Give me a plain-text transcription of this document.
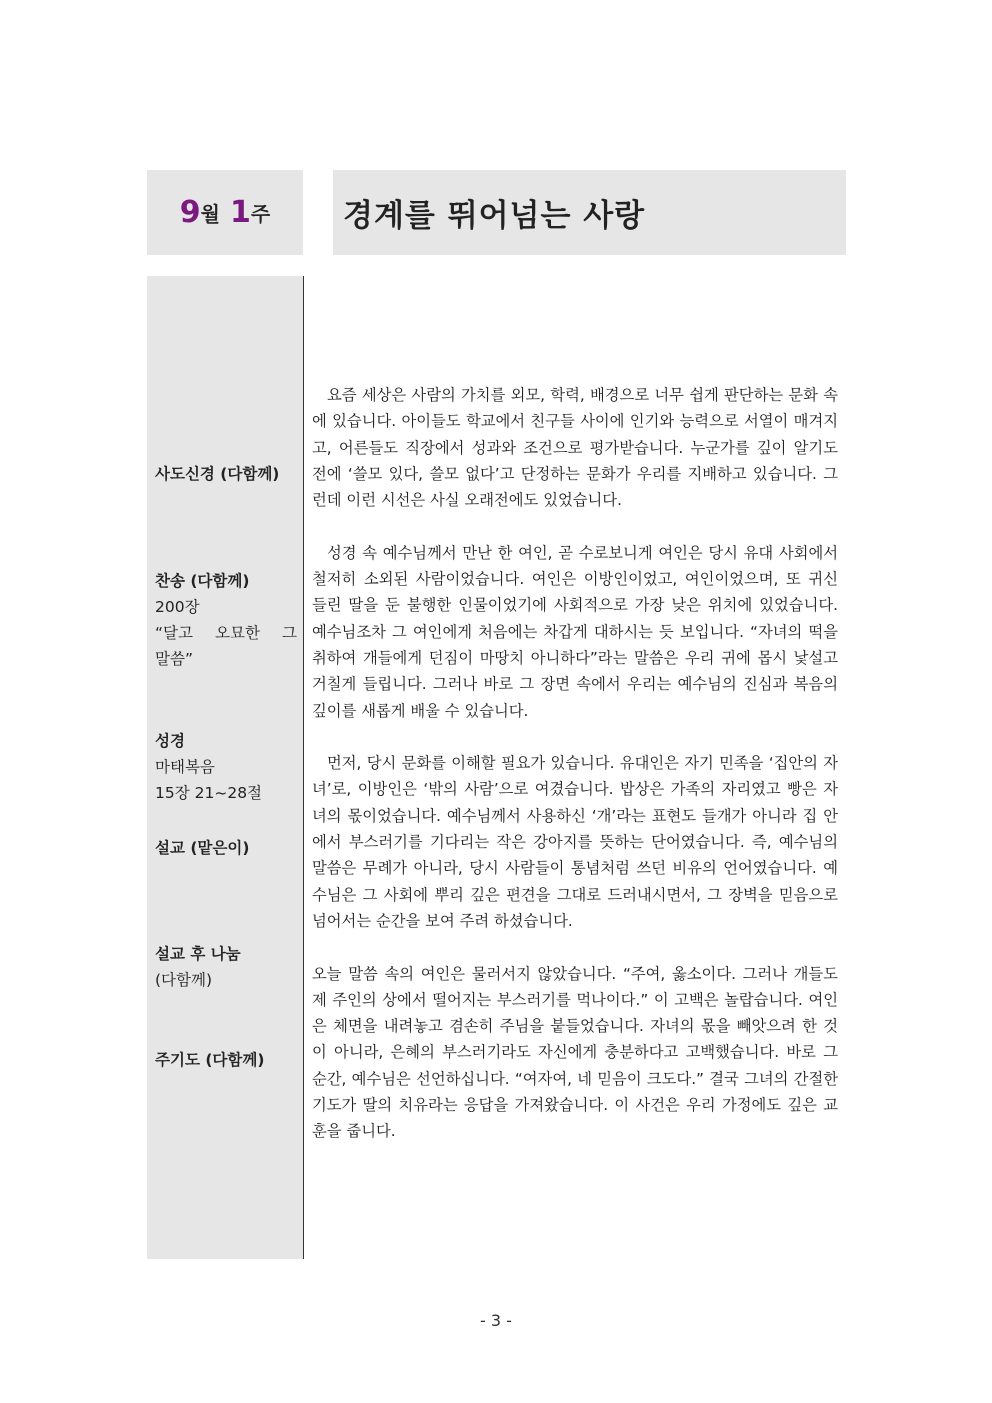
9 월 1 주	경계를 뛰어넘는 사랑
사도신경 (다함께)
찬송 (다함께)
200장
“달고 오묘한 그
말씀”
성경
마태복음
15장 21~28절
설교 (맡은이)
설교 후 나눔
(다함께)
주기도 (다함께)

요즘 세상은 사람의 가치를 외모, 학력, 배경으로 너무 쉽게 판단하는 문화 속에 있습니다. 아이들도 학교에서 친구들 사이에 인기와 능력으로 서열이 매겨지고, 어른들도 직장에서 성과와 조건으로 평가받습니다. 누군가를 깊이 알기도 전에 ‘쓸모 있다, 쓸모 없다’고 단정하는 문화가 우리를 지배하고 있습니다. 그런데 이런 시선은 사실 오래전에도 있었습니다.

성경 속 예수님께서 만난 한 여인, 곧 수로보니게 여인은 당시 유대 사회에서 철저히 소외된 사람이었습니다. 여인은 이방인이었고, 여인이었으며, 또 귀신 들린 딸을 둔 불행한 인물이었기에 사회적으로 가장 낮은 위치에 있었습니다. 예수님조차 그 여인에게 처음에는 차갑게 대하시는 듯 보입니다. “자녀의 떡을 취하여 개들에게 던짐이 마땅치 아니하다”라는 말씀은 우리 귀에 몹시 낯설고 거칠게 들립니다. 그러나 바로 그 장면 속에서 우리는 예수님의 진심과 복음의 깊이를 새롭게 배울 수 있습니다.

먼저, 당시 문화를 이해할 필요가 있습니다. 유대인은 자기 민족을 ‘집안의 자녀’로, 이방인은 ‘밖의 사람’으로 여겼습니다. 밥상은 가족의 자리였고 빵은 자녀의 몫이었습니다. 예수님께서 사용하신 ‘개’라는 표현도 들개가 아니라 집 안에서 부스러기를 기다리는 작은 강아지를 뜻하는 단어였습니다. 즉, 예수님의 말씀은 무례가 아니라, 당시 사람들이 통념처럼 쓰던 비유의 언어였습니다. 예수님은 그 사회에 뿌리 깊은 편견을 그대로 드러내시면서, 그 장벽을 믿음으로 넘어서는 순간을 보여 주려 하셨습니다.

오늘 말씀 속의 여인은 물러서지 않았습니다. “주여, 옳소이다. 그러나 개들도 제 주인의 상에서 떨어지는 부스러기를 먹나이다.” 이 고백은 놀랍습니다. 여인은 체면을 내려놓고 겸손히 주님을 붙들었습니다. 자녀의 몫을 빼앗으려 한 것이 아니라, 은혜의 부스러기라도 자신에게 충분하다고 고백했습니다. 바로 그 순간, 예수님은 선언하십니다. “여자여, 네 믿음이 크도다.” 결국 그녀의 간절한 기도가 딸의 치유라는 응답을 가져왔습니다. 이 사건은 우리 가정에도 깊은 교훈을 줍니다.

- 3 -
